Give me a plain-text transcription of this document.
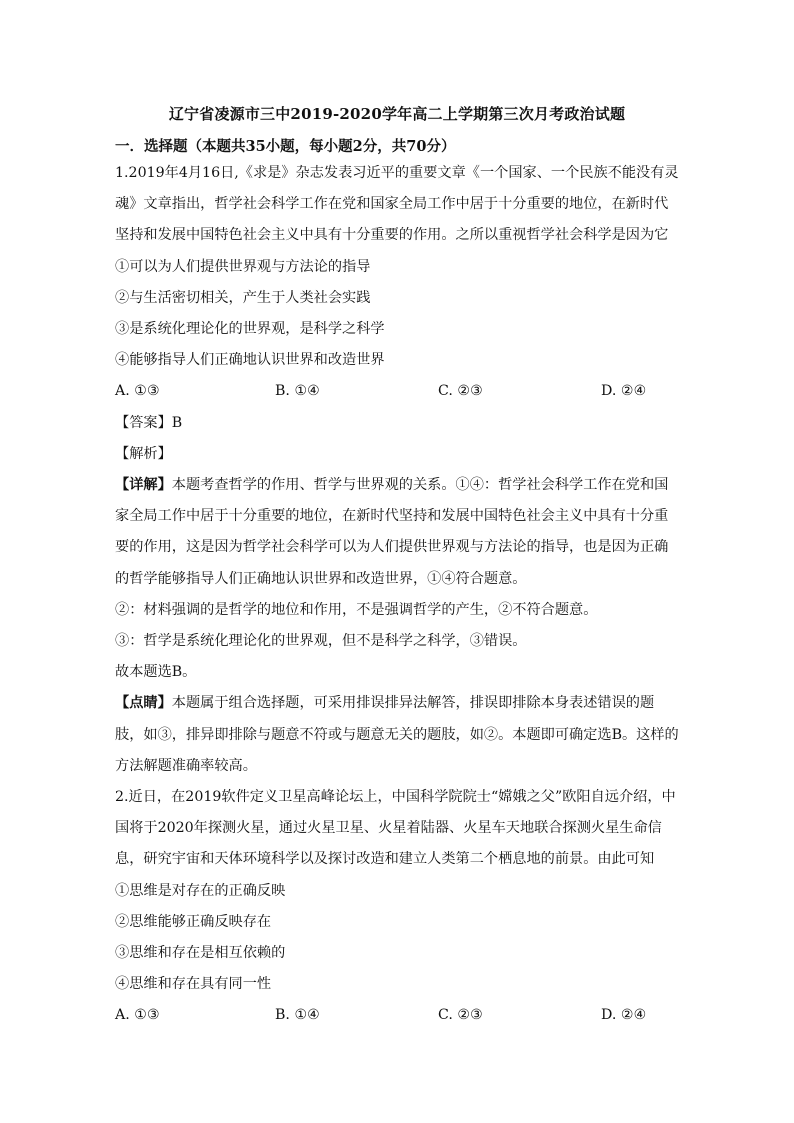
辽宁省凌源市三中2019-2020学年高二上学期第三次月考政治试题
一．选择题（本题共35小题，每小题2分，共70分）

1.2019年4月16日,《求是》杂志发表习近平的重要文章《一个国家、一个民族不能没有灵魂》文章指出，哲学社会科学工作在党和国家全局工作中居于十分重要的地位，在新时代坚持和发展中国特色社会主义中具有十分重要的作用。之所以重视哲学社会科学是因为它

①可以为人们提供世界观与方法论的指导

②与生活密切相关，产生于人类社会实践

③是系统化理论化的世界观，是科学之科学

④能够指导人们正确地认识世界和改造世界

A. ①③	B. ①④	C. ②③	D. ②④

【答案】B

【解析】

【详解】本题考查哲学的作用、哲学与世界观的关系。①④：哲学社会科学工作在党和国家全局工作中居于十分重要的地位，在新时代坚持和发展中国特色社会主义中具有十分重要的作用，这是因为哲学社会科学可以为人们提供世界观与方法论的指导，也是因为正确的哲学能够指导人们正确地认识世界和改造世界，①④符合题意。

②：材料强调的是哲学的地位和作用，不是强调哲学的产生，②不符合题意。

③：哲学是系统化理论化的世界观，但不是科学之科学，③错误。

故本题选B。

【点睛】本题属于组合选择题，可采用排误排异法解答，排误即排除本身表述错误的题肢，如③，排异即排除与题意不符或与题意无关的题肢，如②。本题即可确定选B。这样的方法解题准确率较高。

2.近日，在2019软件定义卫星高峰论坛上，中国科学院院士“嫦娥之父”欧阳自远介绍，中国将于2020年探测火星，通过火星卫星、火星着陆器、火星车天地联合探测火星生命信息，研究宇宙和天体环境科学以及探讨改造和建立人类第二个栖息地的前景。由此可知

①思维是对存在的正确反映

②思维能够正确反映存在

③思维和存在是相互依赖的

④思维和存在具有同一性

A. ①③	B. ①④	C. ②③	D. ②④
